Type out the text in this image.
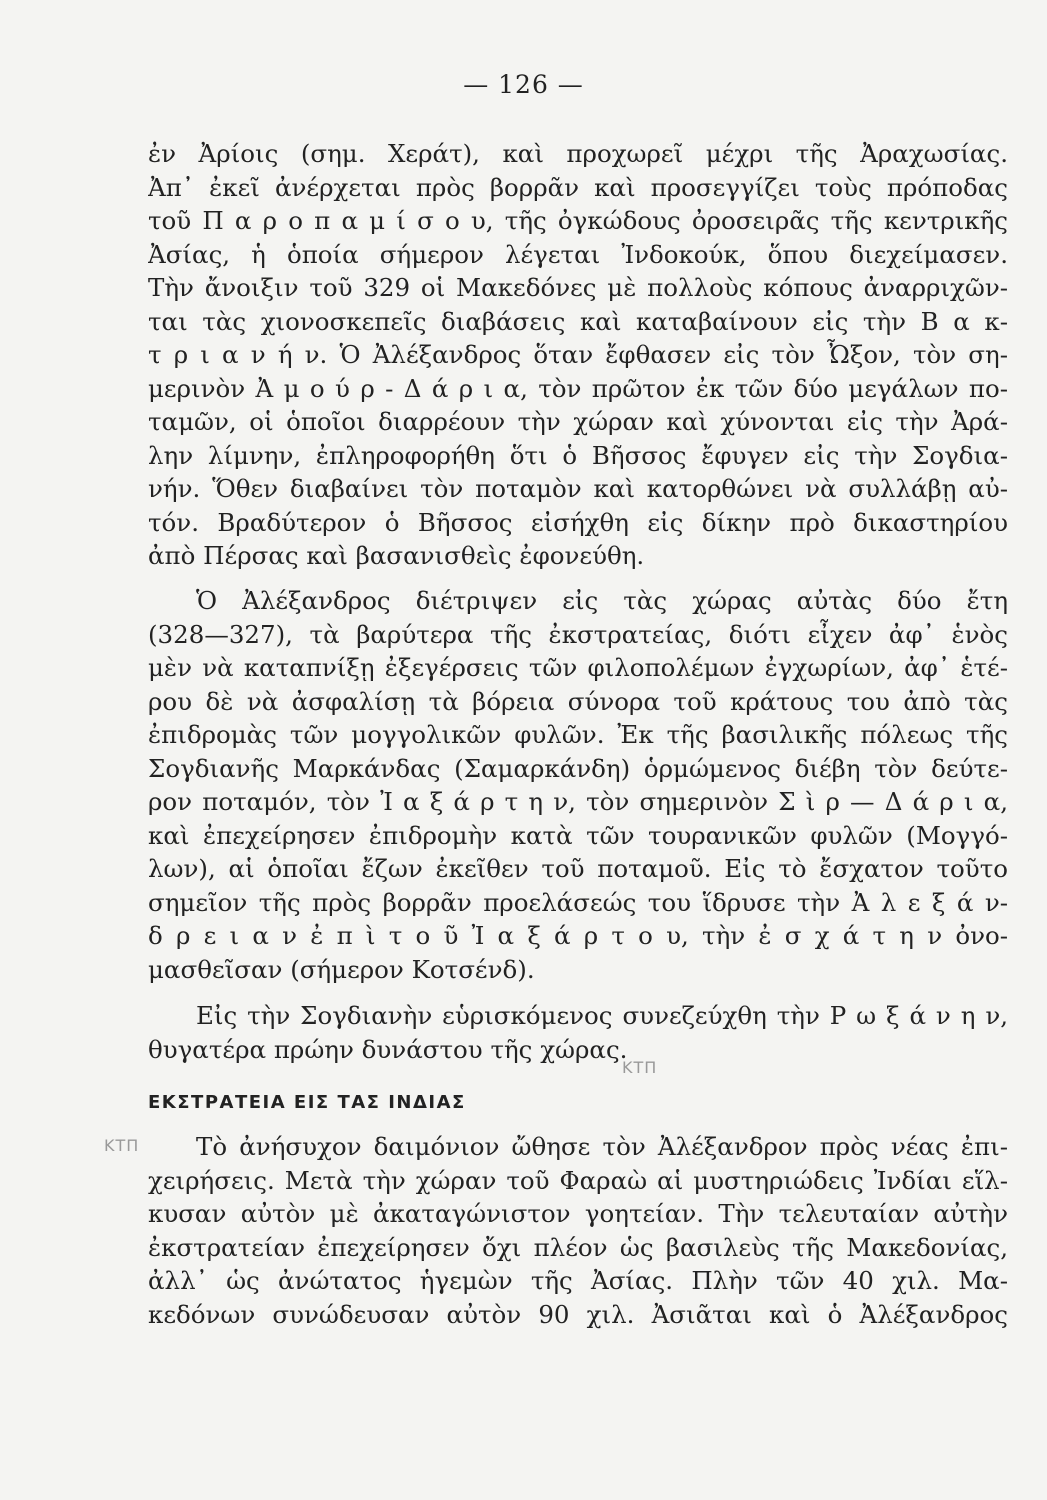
— 126 —
ἐν Ἀρίοις (σημ. Χεράτ), καὶ προχωρεῖ μέχρι τῆς Ἀραχωσίας.
Ἀπ᾽ ἐκεῖ ἀνέρχεται πρὸς βορρᾶν καὶ προσεγγίζει τοὺς πρόποδας
τοῦ Π α ρ ο π α μ ί σ ο υ, τῆς ὀγκώδους ὀροσειρᾶς τῆς κεντρικῆς
Ἀσίας, ἡ ὁποία σήμερον λέγεται Ἰνδοκούκ, ὅπου διεχείμασεν.
Τὴν ἄνοιξιν τοῦ 329 οἱ Μακεδόνες μὲ πολλοὺς κόπους ἀναρριχῶν-
ται τὰς χιονοσκεπεῖς διαβάσεις καὶ καταβαίνουν εἰς τὴν Β α κ-
τ ρ ι α ν ή ν. Ὁ Ἀλέξανδρος ὅταν ἔφθασεν εἰς τὸν Ὦξον, τὸν ση-
μερινὸν Ἀ μ ο ύ ρ - Δ ά ρ ι α, τὸν πρῶτον ἐκ τῶν δύο μεγάλων πο-
ταμῶν, οἱ ὁποῖοι διαρρέουν τὴν χώραν καὶ χύνονται εἰς τὴν Ἀρά-
λην λίμνην, ἐπληροφορήθη ὅτι ὁ Βῆσσος ἔφυγεν εἰς τὴν Σογδια-
νήν. Ὅθεν διαβαίνει τὸν ποταμὸν καὶ κατορθώνει νὰ συλλάβῃ αὐ-
τόν. Βραδύτερον ὁ Βῆσσος εἰσήχθη εἰς δίκην πρὸ δικαστηρίου
ἀπὸ Πέρσας καὶ βασανισθεὶς ἐφονεύθη.
Ὁ Ἀλέξανδρος διέτριψεν εἰς τὰς χώρας αὐτὰς δύο ἔτη
(328—327), τὰ βαρύτερα τῆς ἐκστρατείας, διότι εἶχεν ἀφ᾽ ἑνὸς
μὲν νὰ καταπνίξῃ ἐξεγέρσεις τῶν φιλοπολέμων ἐγχωρίων, ἀφ᾽ ἑτέ-
ρου δὲ νὰ ἀσφαλίσῃ τὰ βόρεια σύνορα τοῦ κράτους του ἀπὸ τὰς
ἐπιδρομὰς τῶν μογγολικῶν φυλῶν. Ἐκ τῆς βασιλικῆς πόλεως τῆς
Σογδιανῆς Μαρκάνδας (Σαμαρκάνδη) ὁρμώμενος διέβη τὸν δεύτε-
ρον ποταμόν, τὸν Ἰ α ξ ά ρ τ η ν, τὸν σημερινὸν Σ ὶ ρ — Δ ά ρ ι α,
καὶ ἐπεχείρησεν ἐπιδρομὴν κατὰ τῶν τουρανικῶν φυλῶν (Μογγό-
λων), αἱ ὁποῖαι ἔζων ἐκεῖθεν τοῦ ποταμοῦ. Εἰς τὸ ἔσχατον τοῦτο
σημεῖον τῆς πρὸς βορρᾶν προελάσεώς του ἵδρυσε τὴν Ἀ λ ε ξ ά ν-
δ ρ ε ι α ν ἐ π ὶ τ ο ῦ Ἰ α ξ ά ρ τ ο υ, τὴν ἐ σ χ ά τ η ν ὀνο-
μασθεῖσαν (σήμερον Κοτσένδ).
Εἰς τὴν Σογδιανὴν εὑρισκόμενος συνεζεύχθη τὴν Ρ ω ξ ά ν η ν,
θυγατέρα πρώην δυνάστου τῆς χώρας.
ΚΤΠ
ΕΚΣΤΡΑΤΕΙΑ ΕΙΣ ΤΑΣ ΙΝΔΙΑΣ
ΚΤΠ	Τὸ ἀνήσυχον δαιμόνιον ὤθησε τὸν Ἀλέξανδρον πρὸς νέας ἐπι-
χειρήσεις. Μετὰ τὴν χώραν τοῦ Φαραὼ αἱ μυστηριώδεις Ἰνδίαι εἵλ-
κυσαν αὐτὸν μὲ ἀκαταγώνιστον γοητείαν. Τὴν τελευταίαν αὐτὴν
ἐκστρατείαν ἐπεχείρησεν ὄχι πλέον ὡς βασιλεὺς τῆς Μακεδονίας,
ἀλλ᾽ ὡς ἀνώτατος ἡγεμὼν τῆς Ἀσίας. Πλὴν τῶν 40 χιλ. Μα-
κεδόνων συνώδευσαν αὐτὸν 90 χιλ. Ἀσιᾶται καὶ ὁ Ἀλέξανδρος
